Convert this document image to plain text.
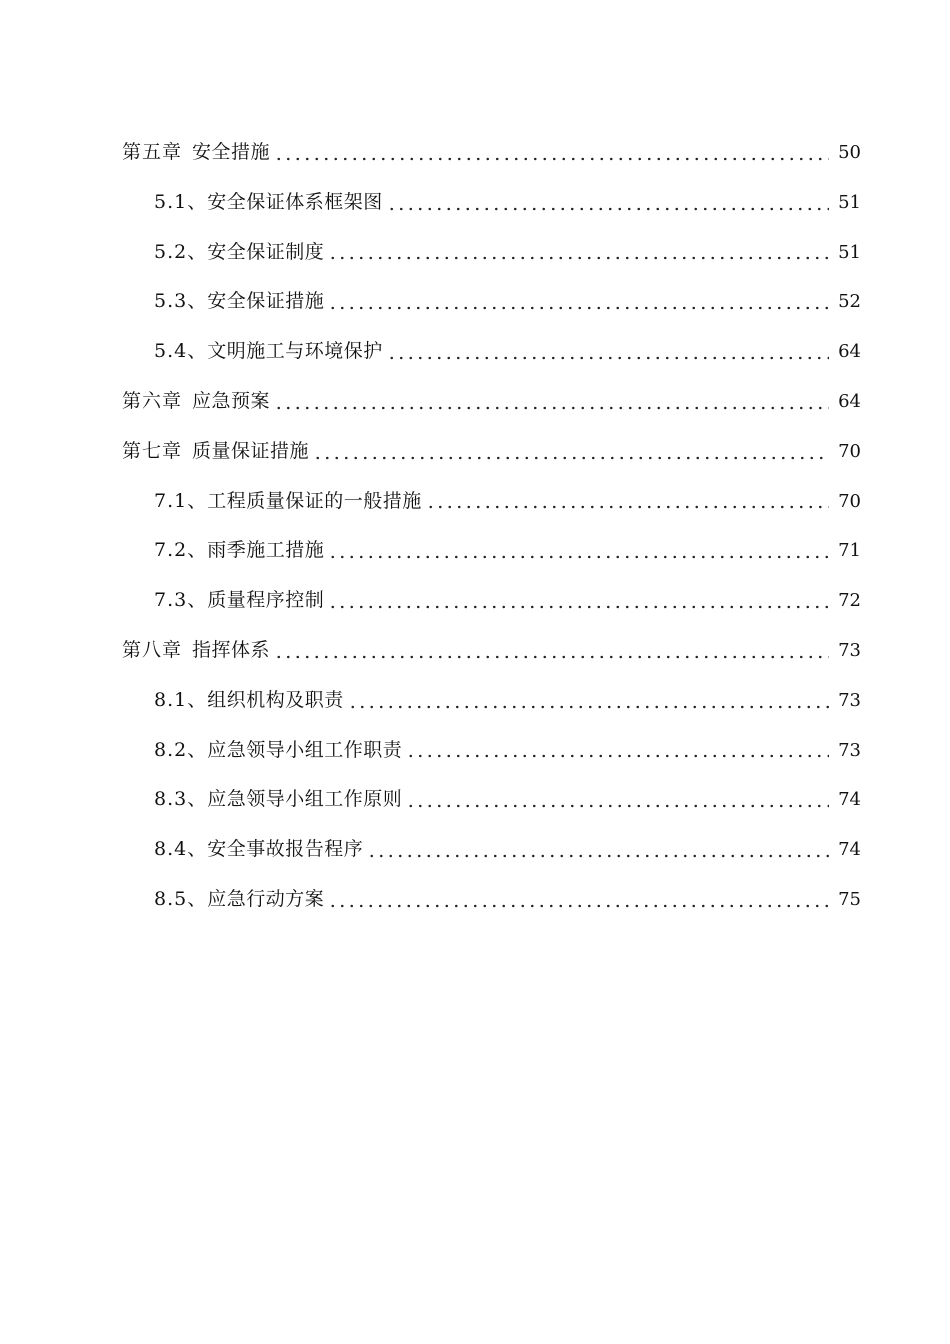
第五章 安全措施	50
5.1、安全保证体系框架图	51
5.2、安全保证制度	51
5.3、安全保证措施	52
5.4、文明施工与环境保护	64
第六章 应急预案	64
第七章 质量保证措施	70
7.1、工程质量保证的一般措施	70
7.2、雨季施工措施	71
7.3、质量程序控制	72
第八章 指挥体系	73
8.1、组织机构及职责	73
8.2、应急领导小组工作职责	73
8.3、应急领导小组工作原则	74
8.4、安全事故报告程序	74
8.5、应急行动方案	75
